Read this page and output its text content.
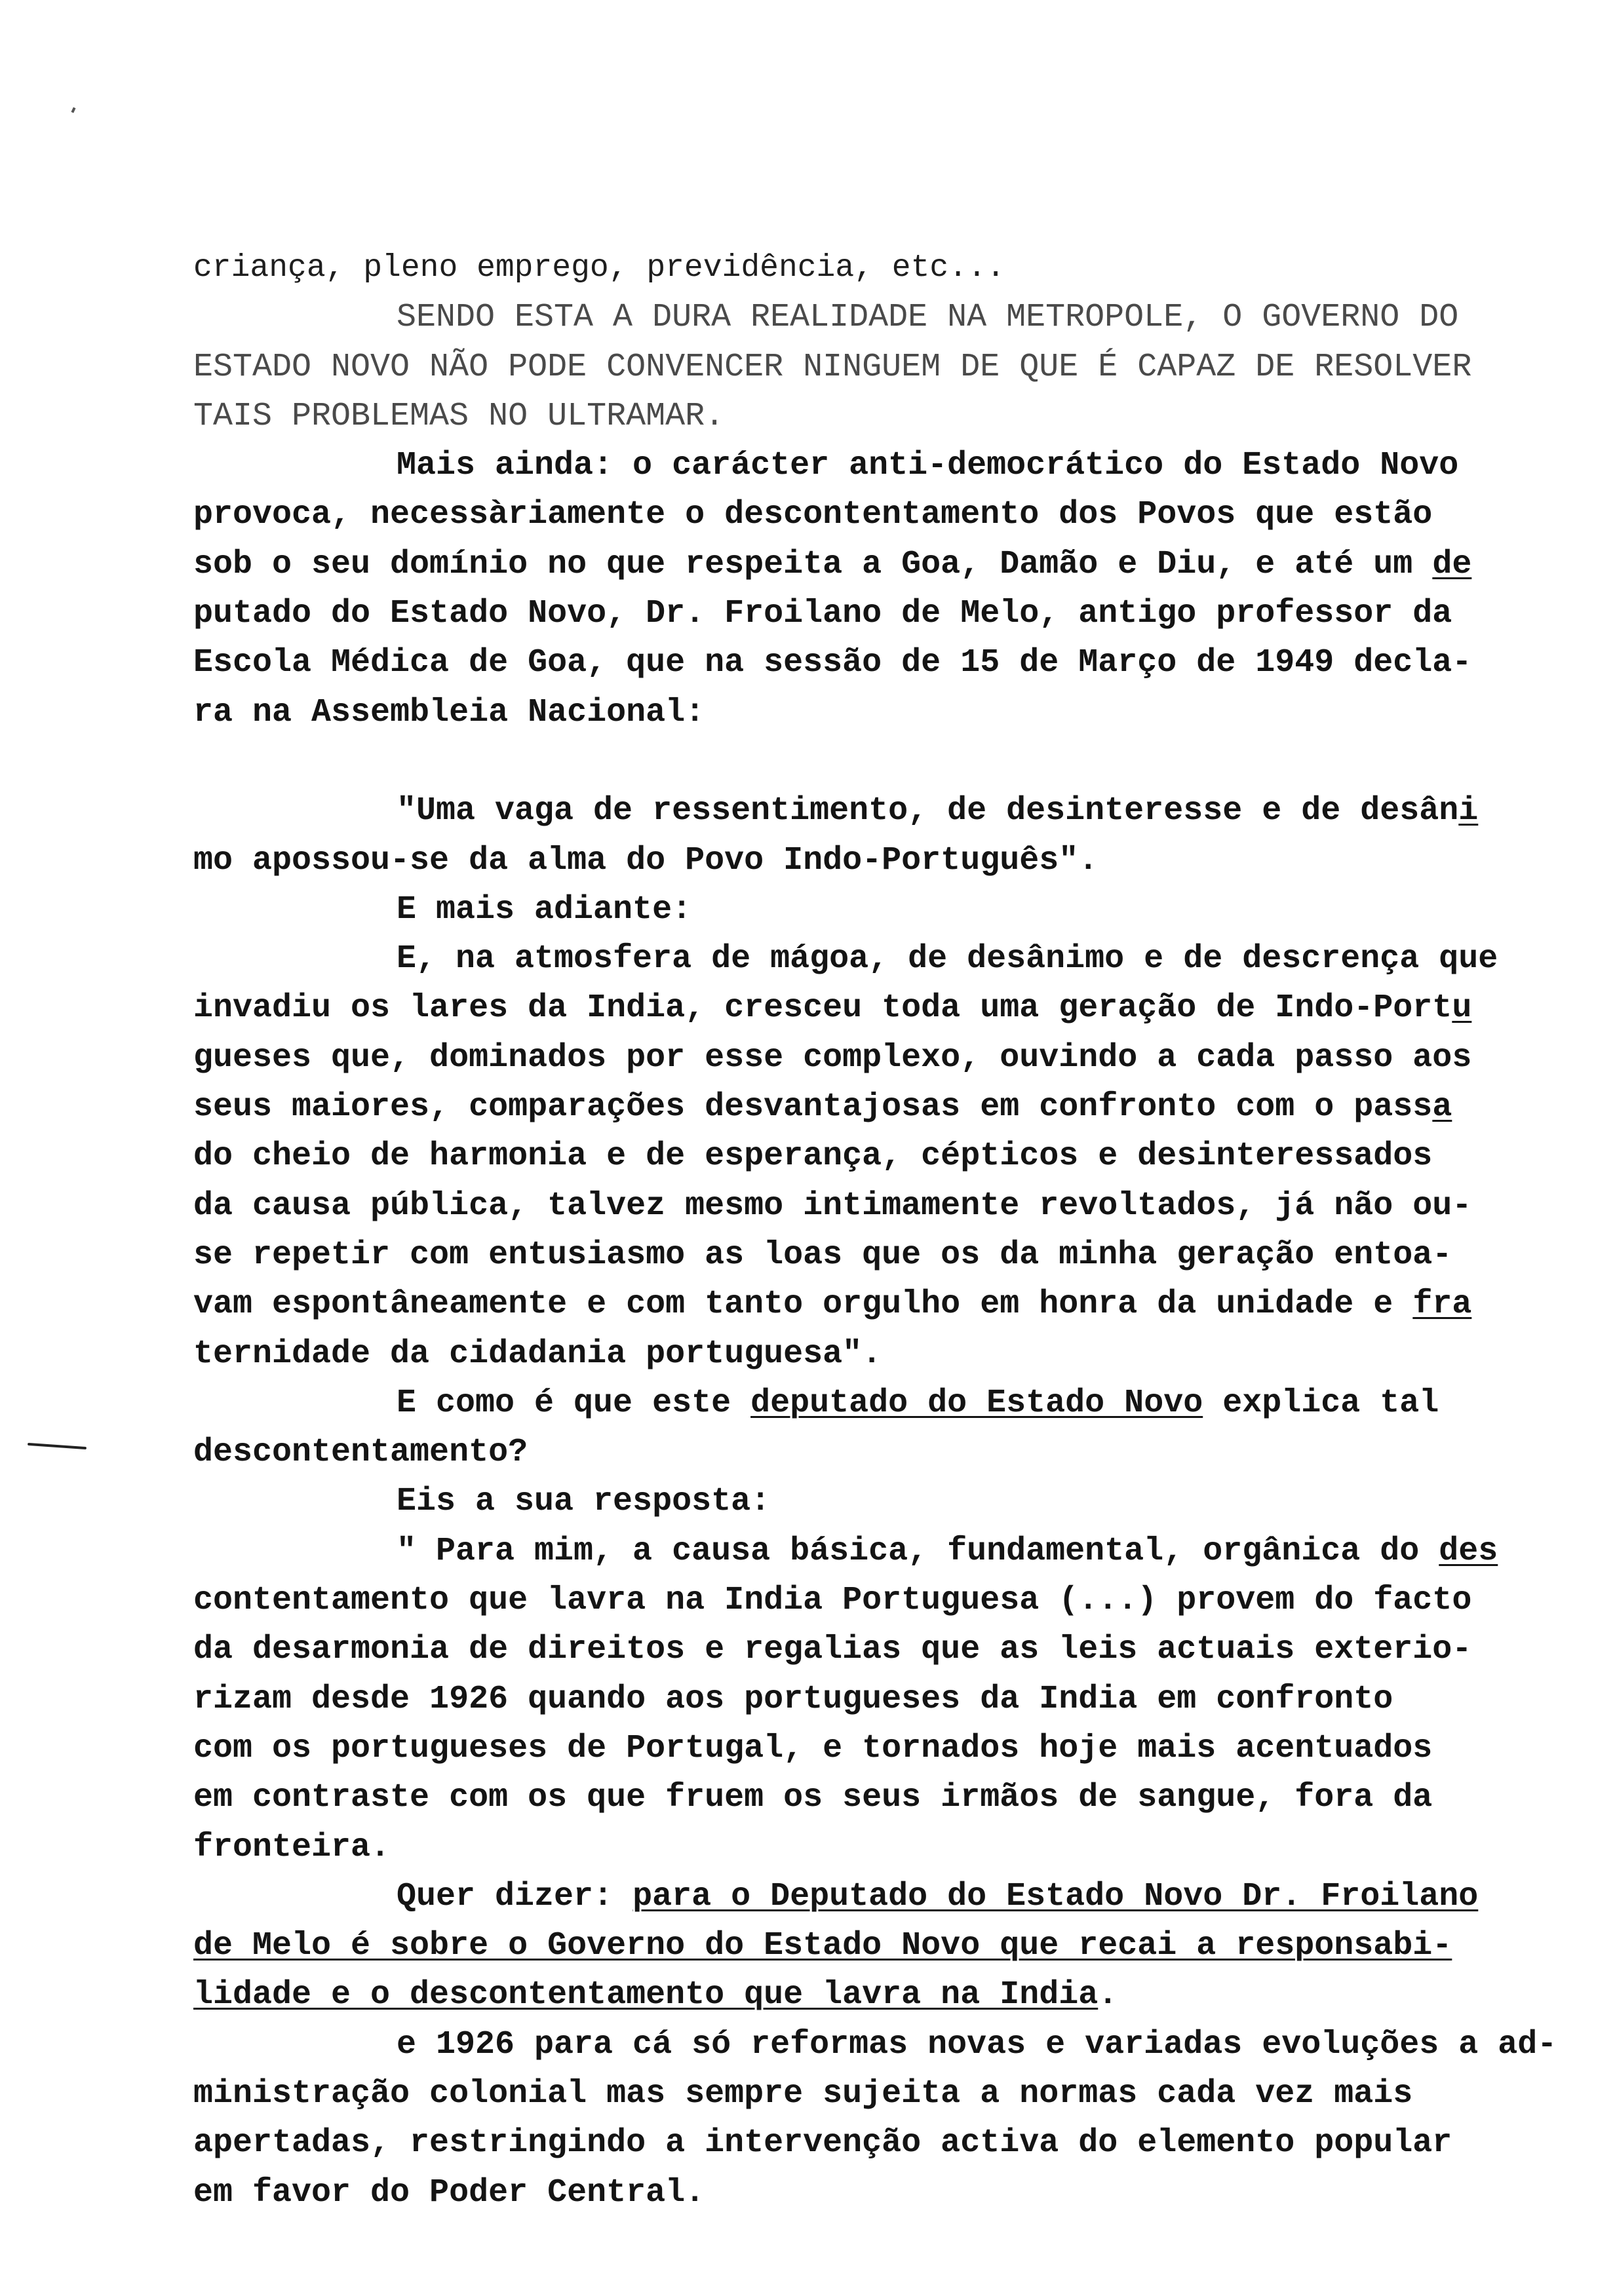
criança, pleno emprego, previdência, etc...
SENDO ESTA A DURA REALIDADE NA METROPOLE, O GOVERNO DO
ESTADO NOVO NÃO PODE CONVENCER NINGUEM DE QUE É CAPAZ DE RESOLVER
TAIS PROBLEMAS NO ULTRAMAR.
Mais ainda: o carácter anti-democrático do Estado Novo
provoca, necessàriamente o descontentamento dos Povos que estão
sob o seu domínio no que respeita a Goa, Damão e Diu, e até um de
putado do Estado Novo, Dr. Froilano de Melo, antigo professor da
Escola Médica de Goa, que na sessão de 15 de Março de 1949 decla-
ra na Assembleia Nacional:
"Uma vaga de ressentimento, de desinteresse e de desâni
mo apossou-se da alma do Povo Indo-Português".
E mais adiante:
E, na atmosfera de mágoa, de desânimo e de descrença que
invadiu os lares da India, cresceu toda uma geração de Indo-Portu
gueses que, dominados por esse complexo, ouvindo a cada passo aos
seus maiores, comparações desvantajosas em confronto com o passa
do cheio de harmonia e de esperança, cépticos e desinteressados
da causa pública, talvez mesmo intimamente revoltados, já não ou-
se repetir com entusiasmo as loas que os da minha geração entoa-
vam espontâneamente e com tanto orgulho em honra da unidade e fra
ternidade da cidadania portuguesa".
E como é que este deputado do Estado Novo explica tal
descontentamento?
Eis a sua resposta:
" Para mim, a causa básica, fundamental, orgânica do des
contentamento que lavra na India Portuguesa (...) provem do facto
da desarmonia de direitos e regalias que as leis actuais exterio-
rizam desde 1926 quando aos portugueses da India em confronto
com os portugueses de Portugal, e tornados hoje mais acentuados
em contraste com os que fruem os seus irmãos de sangue, fora da
fronteira.
Quer dizer: para o Deputado do Estado Novo Dr. Froilano
de Melo é sobre o Governo do Estado Novo que recai a responsabi-
lidade e o descontentamento que lavra na India.
e 1926 para cá só reformas novas e variadas evoluções a ad-
ministração colonial mas sempre sujeita a normas cada vez mais
apertadas, restringindo a intervenção activa do elemento popular
em favor do Poder Central.
